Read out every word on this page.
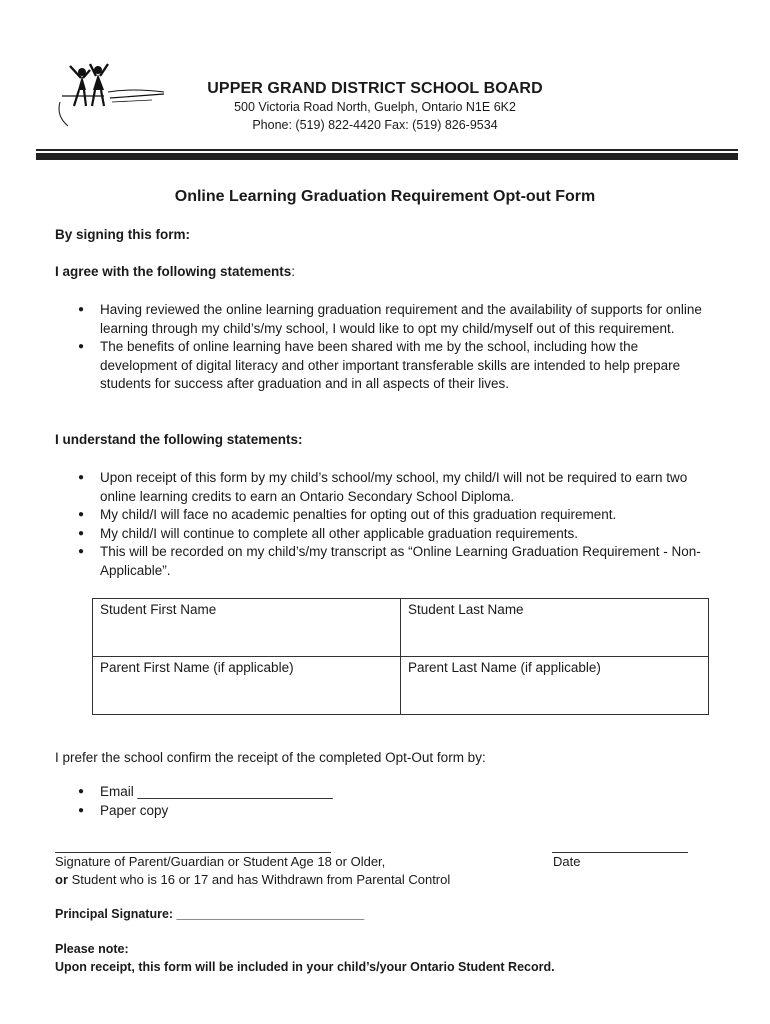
UPPER GRAND DISTRICT SCHOOL BOARD
500 Victoria Road North, Guelph, Ontario N1E 6K2
Phone: (519) 822-4420 Fax: (519) 826-9534
Online Learning Graduation Requirement Opt-out Form
By signing this form:
I agree with the following statements:
● Having reviewed the online learning graduation requirement and the availability of supports for online learning through my child’s/my school, I would like to opt my child/myself out of this requirement.
● The benefits of online learning have been shared with me by the school, including how the development of digital literacy and other important transferable skills are intended to help prepare students for success after graduation and in all aspects of their lives.
I understand the following statements:
● Upon receipt of this form by my child’s school/my school, my child/I will not be required to earn two online learning credits to earn an Ontario Secondary School Diploma.
● My child/I will face no academic penalties for opting out of this graduation requirement.
● My child/I will continue to complete all other applicable graduation requirements.
● This will be recorded on my child’s/my transcript as “Online Learning Graduation Requirement - Non-Applicable”.
Student First Name	Student Last Name
Parent First Name (if applicable)	Parent Last Name (if applicable)
I prefer the school confirm the receipt of the completed Opt-Out form by:
● Email __________________________
● Paper copy
Signature of Parent/Guardian or Student Age 18 or Older,	Date
or Student who is 16 or 17 and has Withdrawn from Parental Control
Principal Signature: ___________________________
Please note:
Upon receipt, this form will be included in your child’s/your Ontario Student Record.
